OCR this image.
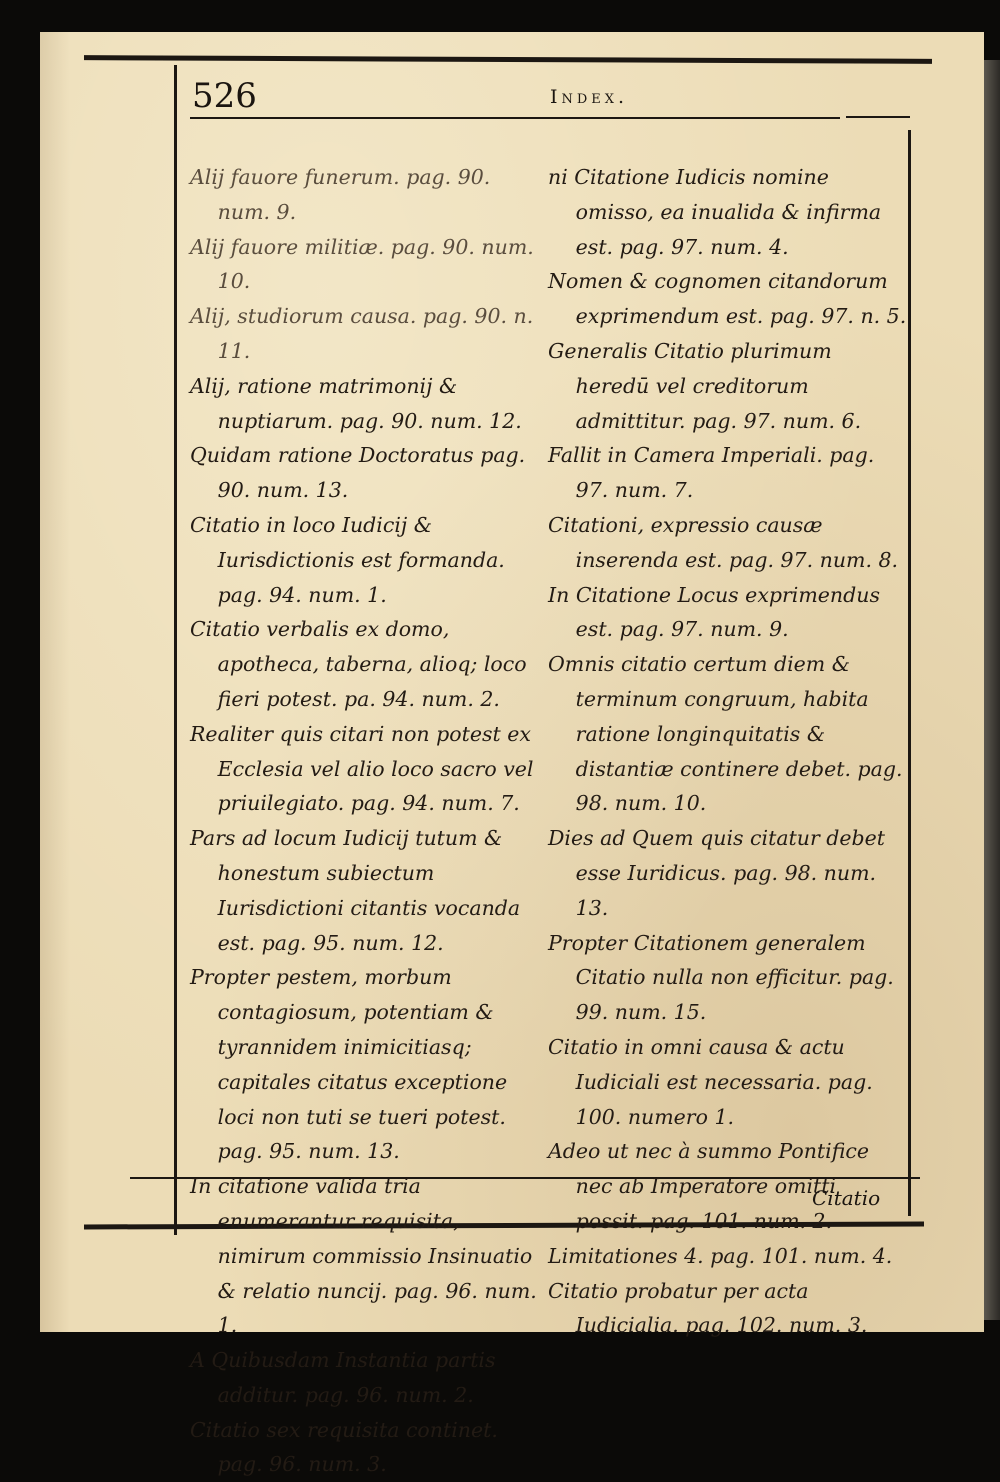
526	Index.

Alij fauore funerum. pag. 90. num. 9.

Alij fauore militiæ. pag. 90. num. 10.

Alij, studiorum causa. pag. 90. n. 11.

Alij, ratione matrimonij & nuptiarum. pag. 90. num. 12.

Quidam ratione Doctoratus pag. 90. num. 13.

Citatio in loco Iudicij & Iurisdictionis est formanda. pag. 94. num. 1.

Citatio verbalis ex domo, apotheca, taberna, alioq; loco fieri potest. pa. 94. num. 2.

Realiter quis citari non potest ex Ecclesia vel alio loco sacro vel priuilegiato. pag. 94. num. 7.

Pars ad locum Iudicij tutum & honestum subiectum Iurisdictioni citantis vocanda est. pag. 95. num. 12.

Propter pestem, morbum contagiosum, potentiam & tyrannidem inimicitiasq; capitales citatus exceptione loci non tuti se tueri potest. pag. 95. num. 13.

In citatione valida tria enumerantur requisita, nimirum commissio Insinuatio & relatio nuncij. pag. 96. num. 1.

A Quibusdam Instantia partis additur. pag. 96. num. 2.

Citatio sex requisita continet. pag. 96. num. 3.

ni Citatione Iudicis nomine omisso, ea inualida & infirma est. pag. 97. num. 4.

Nomen & cognomen citandorum exprimendum est. pag. 97. n. 5.

Generalis Citatio plurimum heredū vel creditorum admittitur. pag. 97. num. 6.

Fallit in Camera Imperiali. pag. 97. num. 7.

Citationi, expressio causæ inserenda est. pag. 97. num. 8.

In Citatione Locus exprimendus est. pag. 97. num. 9.

Omnis citatio certum diem & terminum congruum, habita ratione longinquitatis & distantiæ continere debet. pag. 98. num. 10.

Dies ad Quem quis citatur debet esse Iuridicus. pag. 98. num. 13.

Propter Citationem generalem Citatio nulla non efficitur. pag. 99. num. 15.

Citatio in omni causa & actu Iudiciali est necessaria. pag. 100. numero 1.

Adeo ut nec à summo Pontifice nec ab Imperatore omitti possit. pag. 101. num. 2.

Limitationes 4. pag. 101. num. 4.

Citatio probatur per acta Iudicialia. pag. 102. num. 3.

Citatio
